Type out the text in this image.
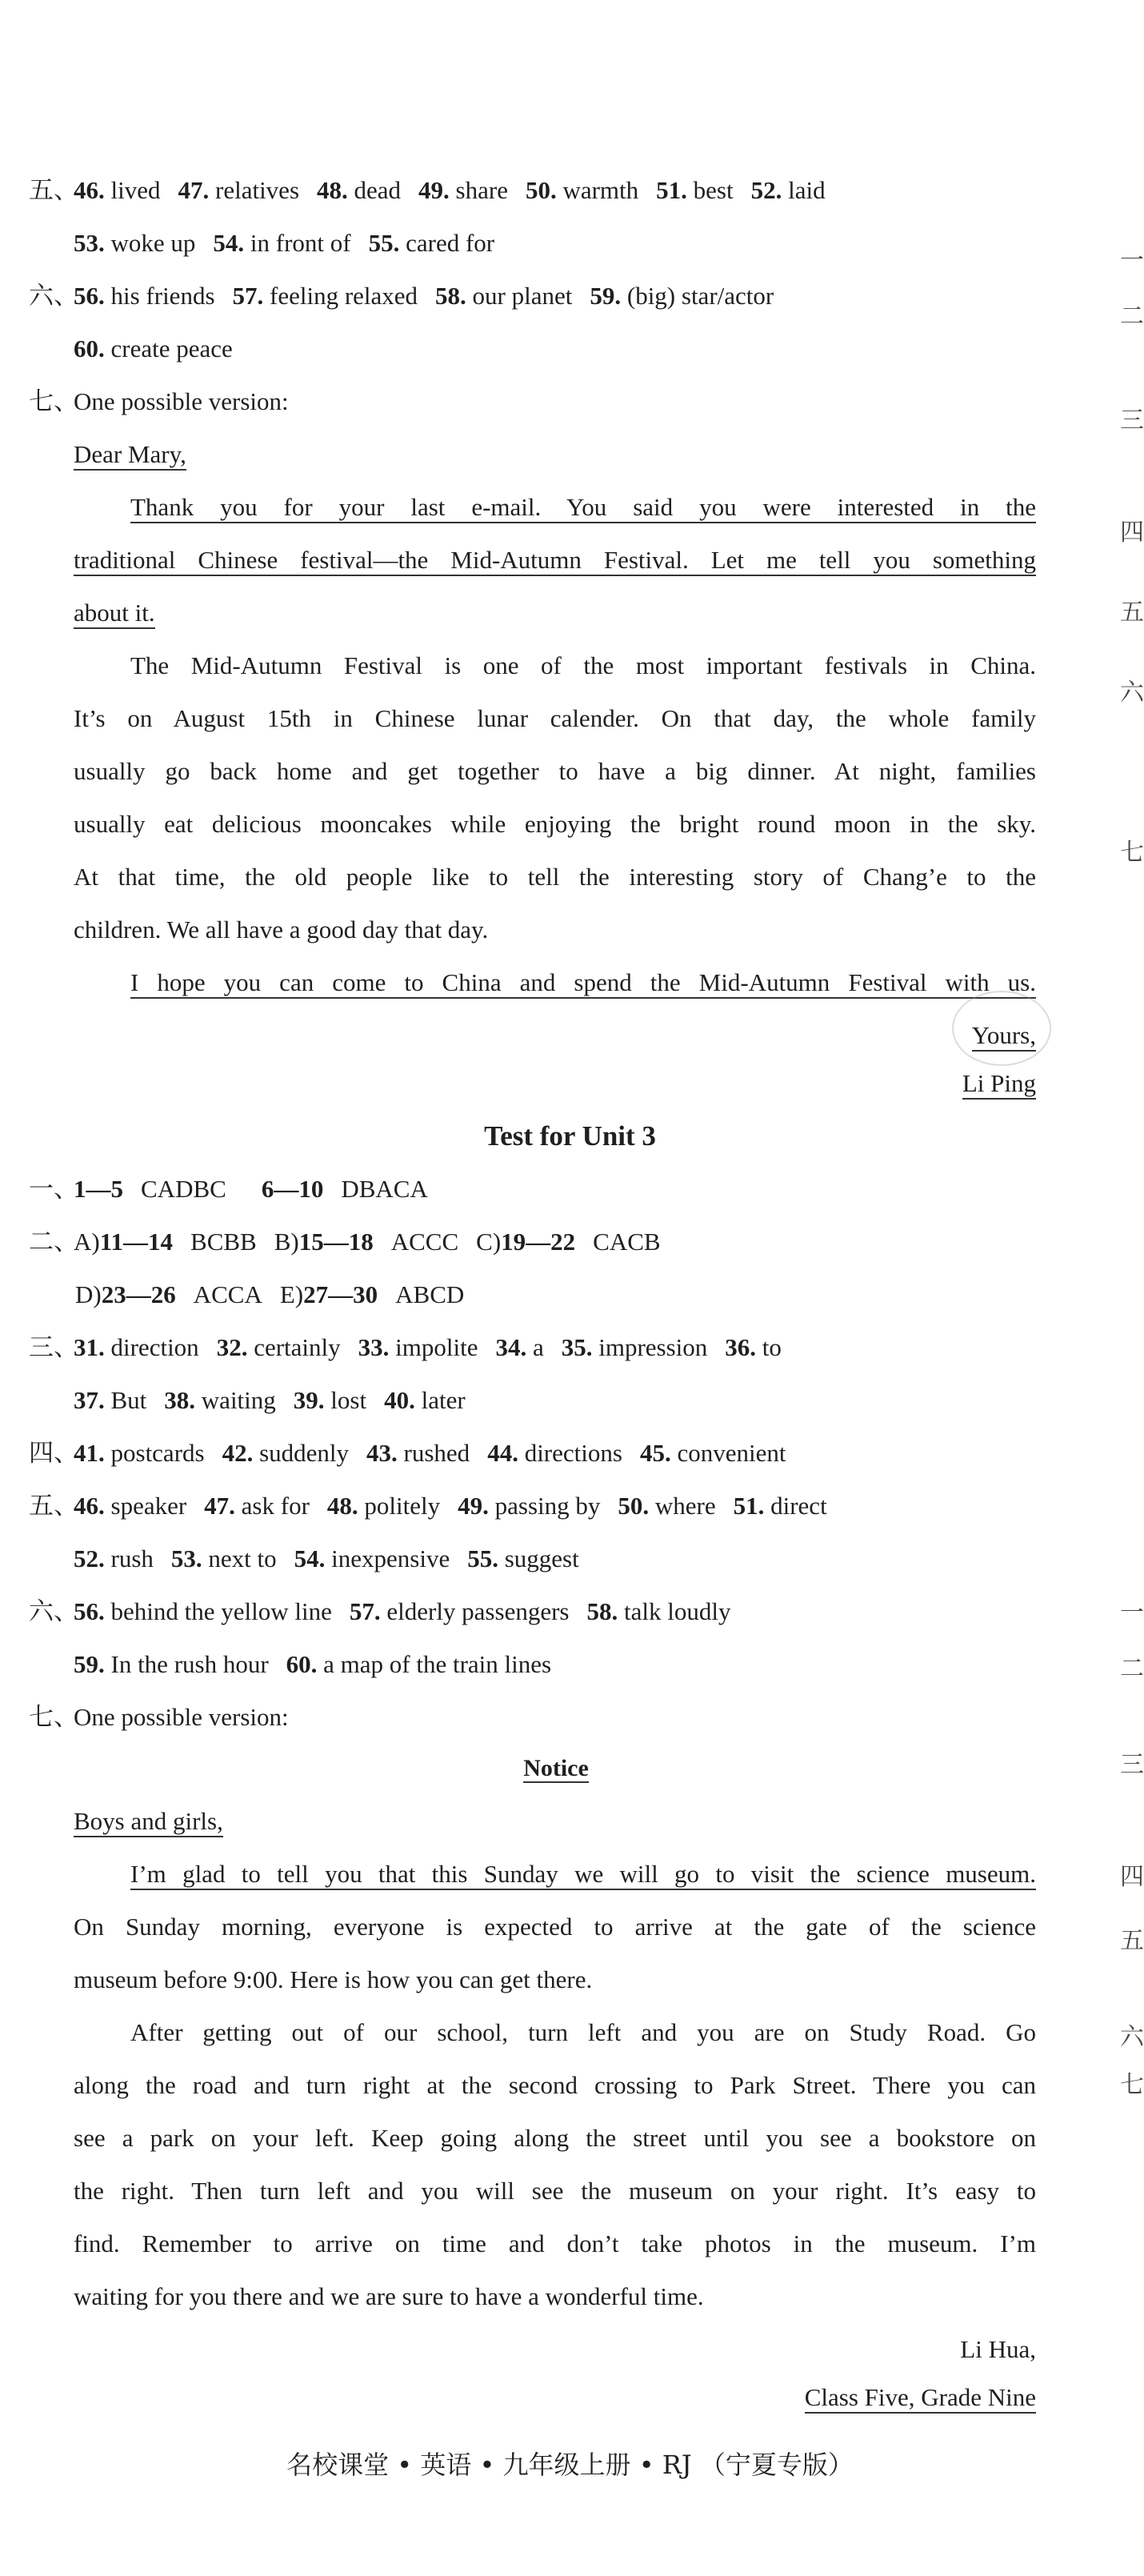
五、46. lived 47. relatives 48. dead 49. share 50. warmth 51. best 52. laid
53. woke up 54. in front of 55. cared for
六、56. his friends 57. feeling relaxed 58. our planet 59. (big) star/actor
60. create peace
七、One possible version:
Dear Mary,
Thank you for your last e-mail. You said you were interested in the
traditional Chinese festival—the Mid-Autumn Festival. Let me tell you something
about it.
The Mid-Autumn Festival is one of the most important festivals in China.
It’s on August 15th in Chinese lunar calender. On that day, the whole family
usually go back home and get together to have a big dinner. At night, families
usually eat delicious mooncakes while enjoying the bright round moon in the sky.
At that time, the old people like to tell the interesting story of Chang’e to the
children. We all have a good day that day.
I hope you can come to China and spend the Mid-Autumn Festival with us.
Yours,
Li Ping
Test for Unit 3
一、1—5 CADBC 6—10 DBACA
二、A)11—14 BCBB B)15—18 ACCC C)19—22 CACB
D)23—26 ACCA E)27—30 ABCD
三、31. direction 32. certainly 33. impolite 34. a 35. impression 36. to
37. But 38. waiting 39. lost 40. later
四、41. postcards 42. suddenly 43. rushed 44. directions 45. convenient
五、46. speaker 47. ask for 48. politely 49. passing by 50. where 51. direct
52. rush 53. next to 54. inexpensive 55. suggest
六、56. behind the yellow line 57. elderly passengers 58. talk loudly
59. In the rush hour 60. a map of the train lines
七、One possible version:
Notice
Boys and girls,
I’m glad to tell you that this Sunday we will go to visit the science museum.
On Sunday morning, everyone is expected to arrive at the gate of the science
museum before 9:00. Here is how you can get there.
After getting out of our school, turn left and you are on Study Road. Go
along the road and turn right at the second crossing to Park Street. There you can
see a park on your left. Keep going along the street until you see a bookstore on
the right. Then turn left and you will see the museum on your right. It’s easy to
find. Remember to arrive on time and don’t take photos in the museum. I’m
waiting for you there and we are sure to have a wonderful time.
Li Hua,
Class Five, Grade Nine
名校课堂 • 英语 • 九年级上册 • RJ （宁夏专版）
一
二
三
四
五
六
七
一
二
三
四
五
六
七
